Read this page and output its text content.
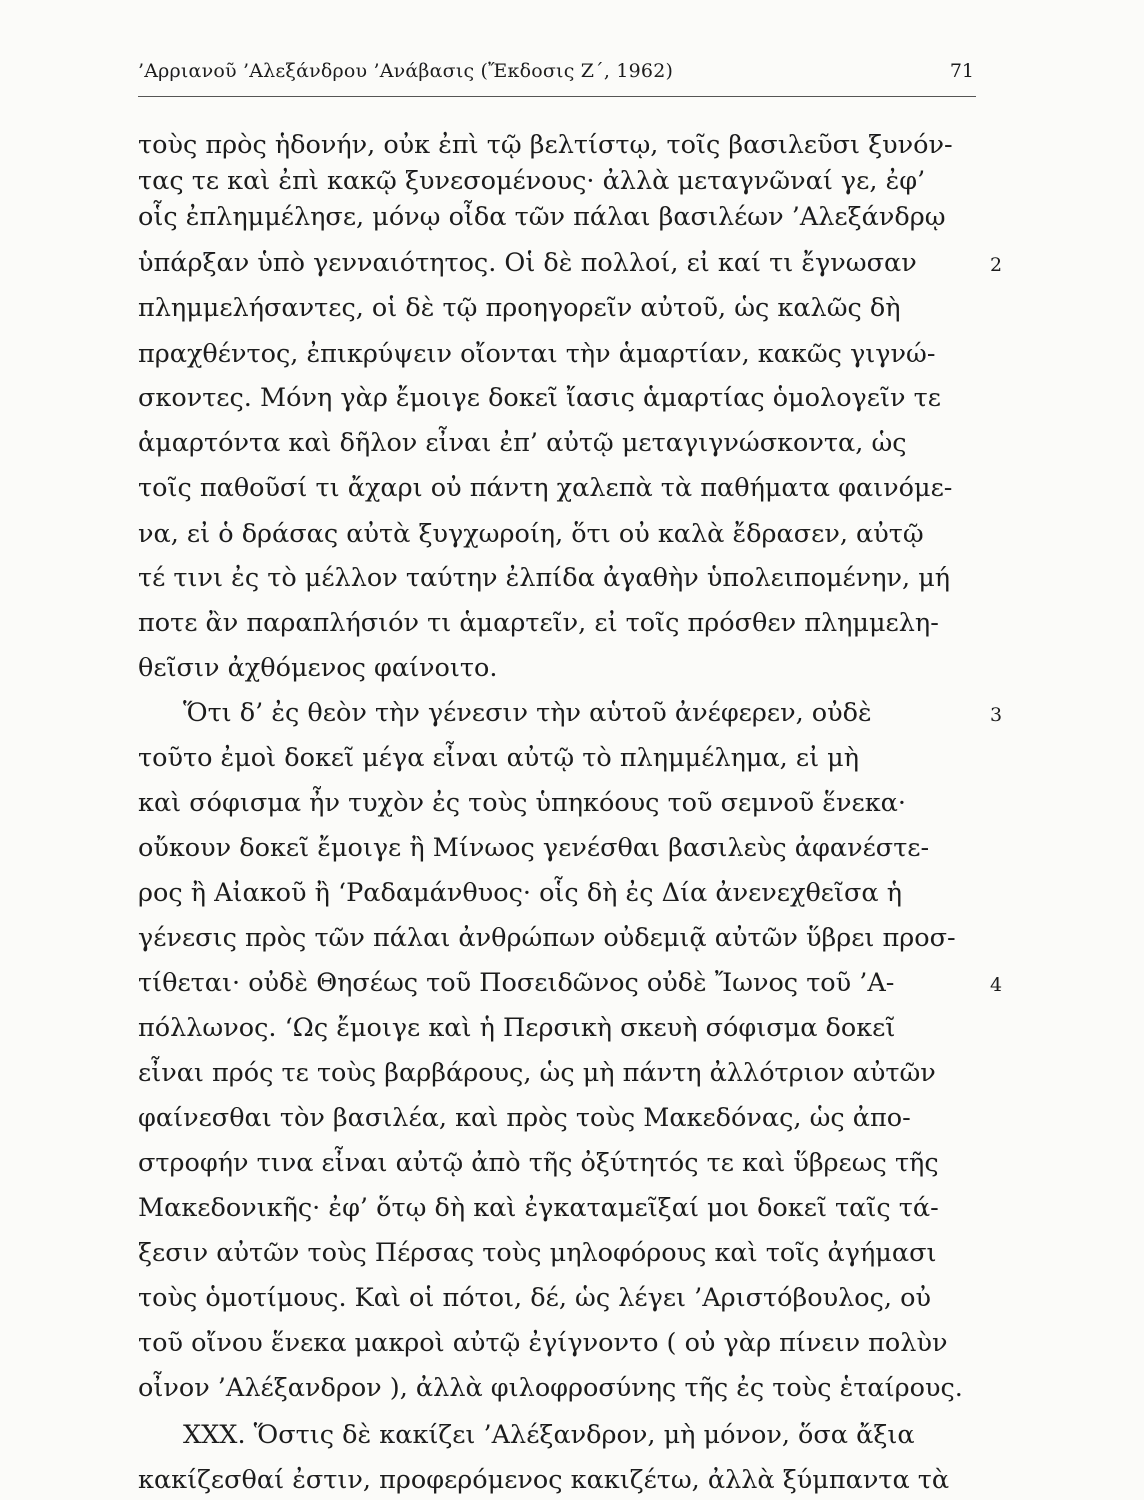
’Αρριανοῦ ’Αλεξάνδρου ’Ανάβασις (Ἔκδοσις Z΄, 1962)	71
τοὺς πρὸς ἡδονήν, οὐκ ἐπὶ τῷ βελτίστῳ, τοῖς βασιλεῦσι ξυνόν-
τας τε καὶ ἐπὶ κακῷ ξυνεσομένους· ἀλλὰ μεταγνῶναί γε, ἐφ’
οἷς ἐπλημμέλησε, μόνῳ οἶδα τῶν πάλαι βασιλέων ’Αλεξάνδρῳ
ὑπάρξαν ὑπὸ γενναιότητος. Οἱ δὲ πολλοί, εἰ καί τι ἔγνωσαν
πλημμελήσαντες, οἱ δὲ τῷ προηγορεῖν αὐτοῦ, ὡς καλῶς δὴ
πραχθέντος, ἐπικρύψειν οἴονται τὴν ἁμαρτίαν, κακῶς γιγνώ-
σκοντες. Μόνη γὰρ ἔμοιγε δοκεῖ ἴασις ἁμαρτίας ὁμολογεῖν τε
ἁμαρτόντα καὶ δῆλον εἶναι ἐπ’ αὐτῷ μεταγιγνώσκοντα, ὡς
τοῖς παθοῦσί τι ἄχαρι οὐ πάντη χαλεπὰ τὰ παθήματα φαινόμε-
να, εἰ ὁ δράσας αὐτὰ ξυγχωροίη, ὅτι οὐ καλὰ ἔδρασεν, αὐτῷ
τέ τινι ἐς τὸ μέλλον ταύτην ἐλπίδα ἀγαθὴν ὑπολειπομένην, μή
ποτε ἂν παραπλήσιόν τι ἁμαρτεῖν, εἰ τοῖς πρόσθεν πλημμελη-
θεῖσιν ἀχθόμενος φαίνοιτο.
Ὅτι δ’ ἐς θεὸν τὴν γένεσιν τὴν αὑτοῦ ἀνέφερεν, οὐδὲ
τοῦτο ἐμοὶ δοκεῖ μέγα εἶναι αὐτῷ τὸ πλημμέλημα, εἰ μὴ
καὶ σόφισμα ἦν τυχὸν ἐς τοὺς ὑπηκόους τοῦ σεμνοῦ ἕνεκα·
οὔκουν δοκεῖ ἔμοιγε ἢ Μίνωος γενέσθαι βασιλεὺς ἀφανέστε-
ρος ἢ Αἰακοῦ ἢ ‘Ραδαμάνθυος· οἷς δὴ ἐς Δία ἀνενεχθεῖσα ἡ
γένεσις πρὸς τῶν πάλαι ἀνθρώπων οὐδεμιᾷ αὐτῶν ὕβρει προσ-
τίθεται· οὐδὲ Θησέως τοῦ Ποσειδῶνος οὐδὲ Ἴωνος τοῦ ’Α-
πόλλωνος. ‘Ως ἔμοιγε καὶ ἡ Περσικὴ σκευὴ σόφισμα δοκεῖ
εἶναι πρός τε τοὺς βαρβάρους, ὡς μὴ πάντη ἀλλότριον αὐτῶν
φαίνεσθαι τὸν βασιλέα, καὶ πρὸς τοὺς Μακεδόνας, ὡς ἀπο-
στροφήν τινα εἶναι αὐτῷ ἀπὸ τῆς ὀξύτητός τε καὶ ὕβρεως τῆς
Μακεδονικῆς· ἐφ’ ὅτῳ δὴ καὶ ἐγκαταμεῖξαί μοι δοκεῖ ταῖς τά-
ξεσιν αὐτῶν τοὺς Πέρσας τοὺς μηλοφόρους καὶ τοῖς ἀγήμασι
τοὺς ὁμοτίμους. Καὶ οἱ πότοι, δέ, ὡς λέγει ’Αριστόβουλος, οὐ
τοῦ οἴνου ἕνεκα μακροὶ αὐτῷ ἐγίγνοντο ( οὐ γὰρ πίνειν πολὺν
οἶνον ’Αλέξανδρον ), ἀλλὰ φιλοφροσύνης τῆς ἐς τοὺς ἑταίρους.
XXX. Ὅστις δὲ κακίζει ’Αλέξανδρον, μὴ μόνον, ὅσα ἄξια
κακίζεσθαί ἐστιν, προφερόμενος κακιζέτω, ἀλλὰ ξύμπαντα τὰ
2
3
4
